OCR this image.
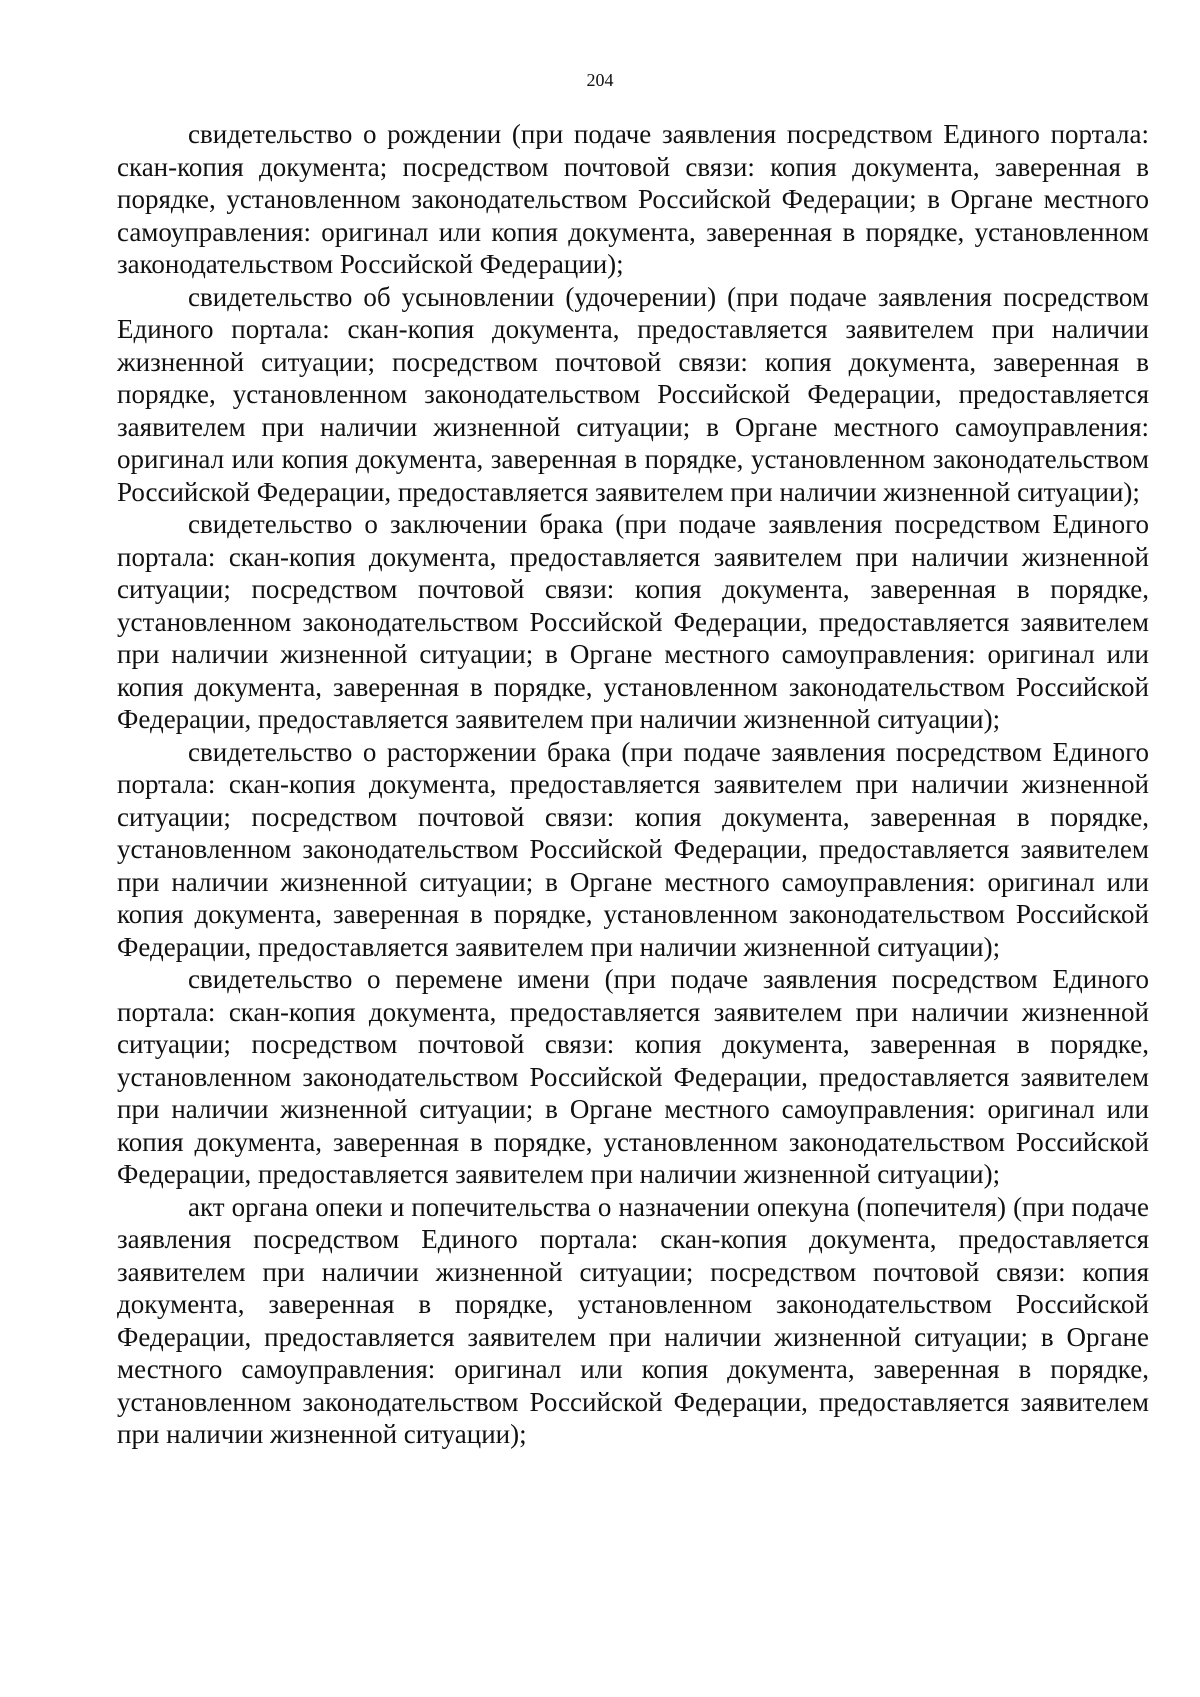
204

свидетельство о рождении (при подаче заявления посредством Единого портала: скан-копия документа; посредством почтовой связи: копия документа, заверенная в порядке, установленном законодательством Российской Федерации; в Органе местного самоуправления: оригинал или копия документа, заверенная в порядке, установленном законодательством Российской Федерации);

свидетельство об усыновлении (удочерении) (при подаче заявления посредством Единого портала: скан-копия документа, предоставляется заявителем при наличии жизненной ситуации; посредством почтовой связи: копия документа, заверенная в порядке, установленном законодательством Российской Федерации, предоставляется заявителем при наличии жизненной ситуации; в Органе местного самоуправления: оригинал или копия документа, заверенная в порядке, установленном законодательством Российской Федерации, предоставляется заявителем при наличии жизненной ситуации);

свидетельство о заключении брака (при подаче заявления посредством Единого портала: скан-копия документа, предоставляется заявителем при наличии жизненной ситуации; посредством почтовой связи: копия документа, заверенная в порядке, установленном законодательством Российской Федерации, предоставляется заявителем при наличии жизненной ситуации; в Органе местного самоуправления: оригинал или копия документа, заверенная в порядке, установленном законодательством Российской Федерации, предоставляется заявителем при наличии жизненной ситуации);

свидетельство о расторжении брака (при подаче заявления посредством Единого портала: скан-копия документа, предоставляется заявителем при наличии жизненной ситуации; посредством почтовой связи: копия документа, заверенная в порядке, установленном законодательством Российской Федерации, предоставляется заявителем при наличии жизненной ситуации; в Органе местного самоуправления: оригинал или копия документа, заверенная в порядке, установленном законодательством Российской Федерации, предоставляется заявителем при наличии жизненной ситуации);

свидетельство о перемене имени (при подаче заявления посредством Единого портала: скан-копия документа, предоставляется заявителем при наличии жизненной ситуации; посредством почтовой связи: копия документа, заверенная в порядке, установленном законодательством Российской Федерации, предоставляется заявителем при наличии жизненной ситуации; в Органе местного самоуправления: оригинал или копия документа, заверенная в порядке, установленном законодательством Российской Федерации, предоставляется заявителем при наличии жизненной ситуации);

акт органа опеки и попечительства о назначении опекуна (попечителя) (при подаче заявления посредством Единого портала: скан-копия документа, предоставляется заявителем при наличии жизненной ситуации; посредством почтовой связи: копия документа, заверенная в порядке, установленном законодательством Российской Федерации, предоставляется заявителем при наличии жизненной ситуации; в Органе местного самоуправления: оригинал или копия документа, заверенная в порядке, установленном законодательством Российской Федерации, предоставляется заявителем при наличии жизненной ситуации);
